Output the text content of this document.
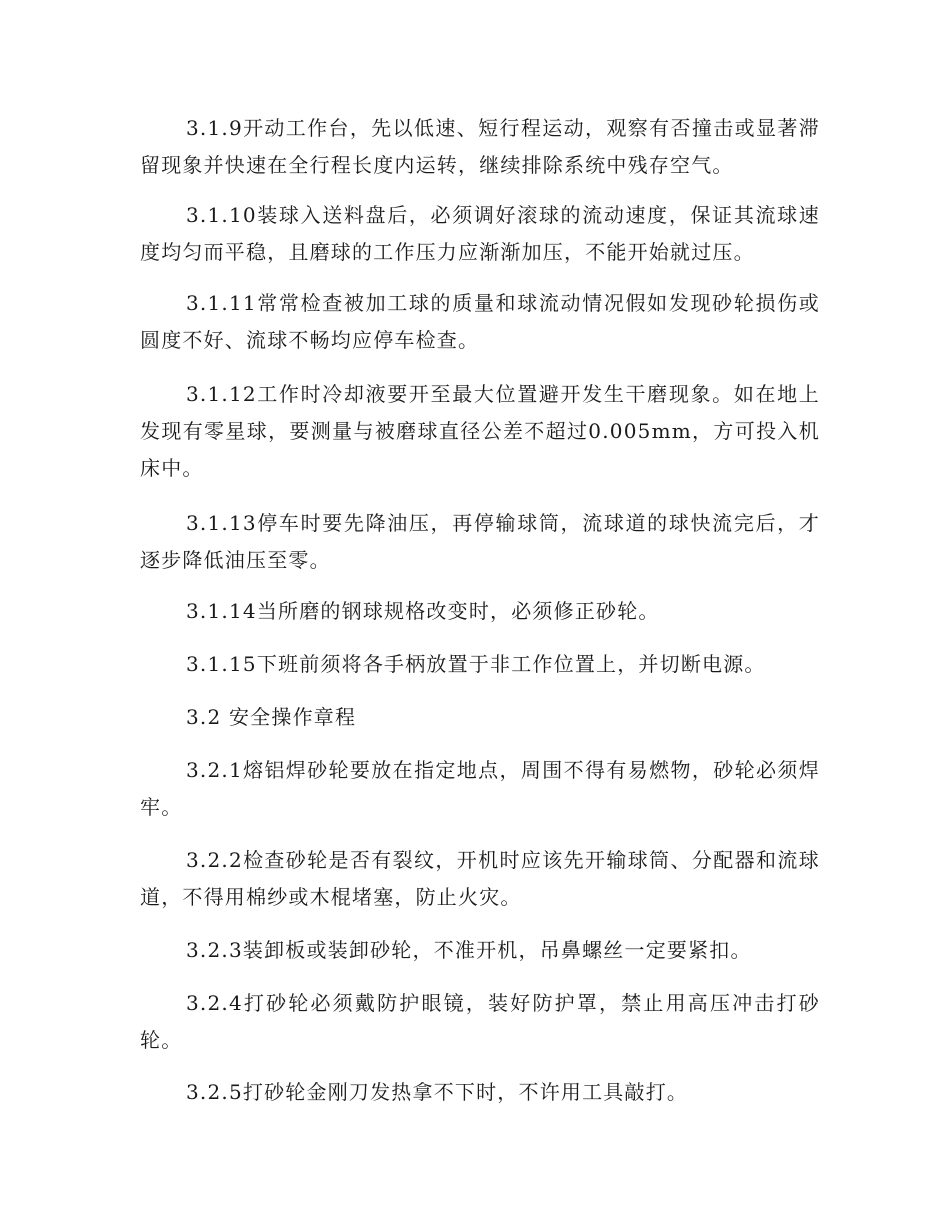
3.1.9开动工作台，先以低速、短行程运动，观察有否撞击或显著滞留现象并快速在全行程长度内运转，继续排除系统中残存空气。

3.1.10装球入送料盘后，必须调好滚球的流动速度，保证其流球速度均匀而平稳，且磨球的工作压力应渐渐加压，不能开始就过压。

3.1.11常常检查被加工球的质量和球流动情况假如发现砂轮损伤或圆度不好、流球不畅均应停车检查。

3.1.12工作时冷却液要开至最大位置避开发生干磨现象。如在地上发现有零星球，要测量与被磨球直径公差不超过0.005mm，方可投入机床中。

3.1.13停车时要先降油压，再停输球筒，流球道的球快流完后，才逐步降低油压至零。

3.1.14当所磨的钢球规格改变时，必须修正砂轮。

3.1.15下班前须将各手柄放置于非工作位置上，并切断电源。

3.2 安全操作章程

3.2.1熔铝焊砂轮要放在指定地点，周围不得有易燃物，砂轮必须焊牢。

3.2.2检查砂轮是否有裂纹，开机时应该先开输球筒、分配器和流球道，不得用棉纱或木棍堵塞，防止火灾。

3.2.3装卸板或装卸砂轮，不准开机，吊鼻螺丝一定要紧扣。

3.2.4打砂轮必须戴防护眼镜，装好防护罩，禁止用高压冲击打砂轮。

3.2.5打砂轮金刚刀发热拿不下时，不许用工具敲打。
